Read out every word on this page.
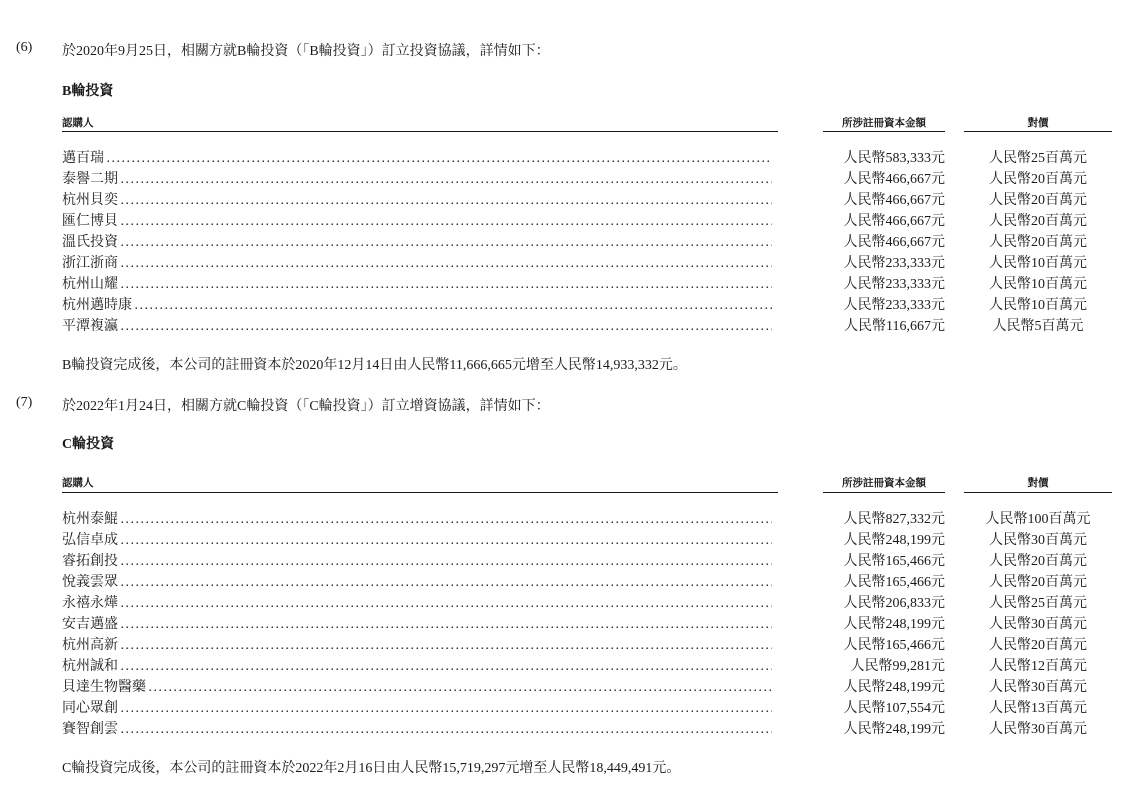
(6) 於2020年9月25日，相關方就B輪投資（「B輪投資」）訂立投資協議，詳情如下：
B輪投資
認購人	所涉註冊資本金額	對價
邁百瑞 . . .	人民幣583,333元	人民幣25百萬元
泰譽二期 . . .	人民幣466,667元	人民幣20百萬元
杭州貝奕 . . .	人民幣466,667元	人民幣20百萬元
匯仁博貝 . . .	人民幣466,667元	人民幣20百萬元
溫氏投資 . . .	人民幣466,667元	人民幣20百萬元
浙江浙商 . . .	人民幣233,333元	人民幣10百萬元
杭州山耀 . . .	人民幣233,333元	人民幣10百萬元
杭州邁時康 . . .	人民幣233,333元	人民幣10百萬元
平潭複瀛 . . .	人民幣116,667元	人民幣5百萬元
B輪投資完成後，本公司的註冊資本於2020年12月14日由人民幣11,666,665元增至人民幣14,933,332元。
(7) 於2022年1月24日，相關方就C輪投資（「C輪投資」）訂立增資協議，詳情如下：
C輪投資
認購人	所涉註冊資本金額	對價
杭州泰鯤 . . .	人民幣827,332元	人民幣100百萬元
弘信卓成 . . .	人民幣248,199元	人民幣30百萬元
睿拓創投 . . .	人民幣165,466元	人民幣20百萬元
悅義雲眾 . . .	人民幣165,466元	人民幣20百萬元
永禧永燁 . . .	人民幣206,833元	人民幣25百萬元
安吉邁盛 . . .	人民幣248,199元	人民幣30百萬元
杭州高新 . . .	人民幣165,466元	人民幣20百萬元
杭州誠和 . . .	人民幣99,281元	人民幣12百萬元
貝達生物醫藥 . . .	人民幣248,199元	人民幣30百萬元
同心眾創 . . .	人民幣107,554元	人民幣13百萬元
賽智創雲 . . .	人民幣248,199元	人民幣30百萬元
C輪投資完成後，本公司的註冊資本於2022年2月16日由人民幣15,719,297元增至人民幣18,449,491元。
